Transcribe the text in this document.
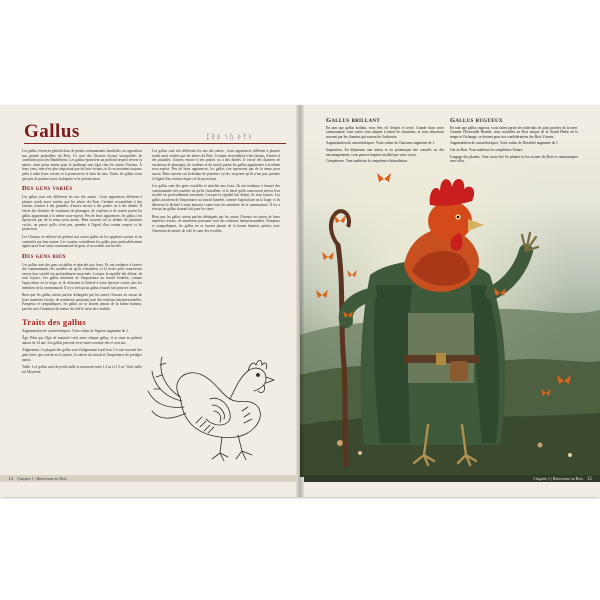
Gallus	ᛈᚱᛟ ᛊᚢ ᚦᚨᚾ

Les gallus vivent en général dans de petites communautés familiales, en opposition aux grands poulaillers du Bois. Ce sont des Oiseaux loyaux susceptibles de combattre pour les Hautbêtiens. Les gallus éprouvent un profond respect envers la nature, ainsi qu'un amour pour le jardinage sans égal chez les autres Oiseaux. À leurs yeux, rien n'est plus important que les bois vivants, et ils se montrent toujours prêts à aider leurs voisins et à promouvoir le bien de tous. Enfin, les gallus n'ont que peu de patience pour la duperie et la prévarication.

Des gens variés

Les gallus sont très différents les uns des autres : leurs apparences diffèrent à plumes ronds aussi variées que les arbres du Bois. Certains ressemblent à des faisans, d'autres à des pintades, d'autres encore à des poules ou à des dindes. Il existe des dizaines de variations de plumages, de couleurs et de motifs parmi les gallus appartenant à la même sous-espèce. Peu de leurs apparences, les gallus s'en éprouvent par de la tenue pour aucun. Bien souvent sur la dedans de plusieurs cycles, on pense qu'ils n'ont pas, prendre à l'égard d'un certain respect et de protection.

Les Oiseaux se réfèrent en général aux autres gallus en les appelant cousins et ne contrariés par leur nature. Les cousins considèrent les gallus pour particulièrement appris pour leur rustre communauté de gens, et accordent aux invités.

Des gens bien

Les gallus sont des gens sociables et attachés aux leurs. Ils ont tendance à former des communautés très soudées où qu'ils s'installent, et la fierté qu'ils nourrissent envers leur société est profondément enracinée. Lorsque la rapidité fait défaut, ils sont loyaux. Les gallus attachent de l'importance au travail honnête, comme l'agriculture ou la forge, et ils détestent la lâcheté à toute épreuve contre tous les membres de la communauté. Il n'y a rien qu'un gallus n'aurait fait pour les siens.

Bien que les gallus soient parfois dédaignés par les autres Oiseaux en raison de leurs manières frustes, de nombreux puissants sont des relations interpersonnelles. Pompeux et sympathiques, les gallus ne se lassent jamais de la bonne humeur, parfois avec l'intention de mettre de côté le cœur des rivalités.

Traits des gallus

Augmentation de caractéristiques. Votre valeur de Sagesse augmente de 2.

Âge. Bien que l'âge de maturité varie entre chaque gallus, il se situe en général autour de 14 ans. Les gallus peuvent vivre entre soixante-dix et cent ans.

Alignement. La plupart des gallus sont d'alignement loyal bon. Ce sont souvent des gens bien, qui croient en la justice, la valeur du travail et l'importance de protéger autrui.

Taille. Les gallus sont de petite taille et mesurent entre 1,2 m et 1,5 m. Votre taille est Moyenne.

Les gallus sont très différents les uns des autres : leurs apparences diffèrent à plumes ronds aussi variées que les arbres du Bois. Certains ressemblent à des faisans, d'autres à des pintades, d'autres encore à des poules ou à des dindes. Il existe des dizaines de variations de plumages, de couleurs et de motifs parmi les gallus appartenant à la même sous-espèce. Peu de leurs apparences, les gallus s'en éprouvent par de la tenue pour aucun. Bien souvent sur la dedans de plusieurs cycles, on pense qu'ils n'ont pas, prendre à l'égard d'un certain respect et de protection.

Les gallus sont des gens sociables et attachés aux leurs. Ils ont tendance à former des communautés très soudées où qu'ils s'installent, et la fierté qu'ils nourrissent envers leur société est profondément enracinée. Lorsque la rapidité fait défaut, ils sont loyaux. Les gallus attachent de l'importance au travail honnête, comme l'agriculture ou la forge, et ils détestent la lâcheté à toute épreuve contre tous les membres de la communauté. Il n'y a rien qu'un gallus n'aurait fait pour les siens.

Bien que les gallus soient parfois dédaignés par les autres Oiseaux en raison de leurs manières frustes, de nombreux puissants sont des relations interpersonnelles. Pompeux et sympathiques, les gallus ne se lassent jamais de la bonne humeur, parfois avec l'intention de mettre de côté le cœur des rivalités.

14 Chapitre 1 | Bienvenue au Bois
Gallus brillant

En tant que gallus brillant, vous êtes vif d'esprit et avisé. Grande dans votre communauté, vous savez vous adapter à toutes les situations, et vous réussissez souvent par les chemins qui sortent de l'ordinaire.

Augmentation de caractéristiques. Votre valeur de Charisme augmente de 1.

Inspiration. En dépensant une action et en prononçant des conseils ou des encouragements, vous pouvez inspirer un allié que vous voyez.

Compétence. Vous maîtrisez la compétence Intimidation.

Gallus rugueux

En tant que gallus rugueux, vous faites partie des individus les plus proches de la terre. Comme l'Écureuille Honnie, vous travaillez au Bois unique de la Grand Herbe où le temps et l'échange, ce devient pour nos confédérations des Bois Vivants.

Augmentation de caractéristiques. Votre valeur de Dextérité augmente de 1.

Uni au Bois. Vous maîtrisez la compétence Nature.

Langage des plantes. Vous savez lire les plantes et les racines du Bois et communiquer avec elles.

Chapitre 1 | Bienvenue au Bois 15
